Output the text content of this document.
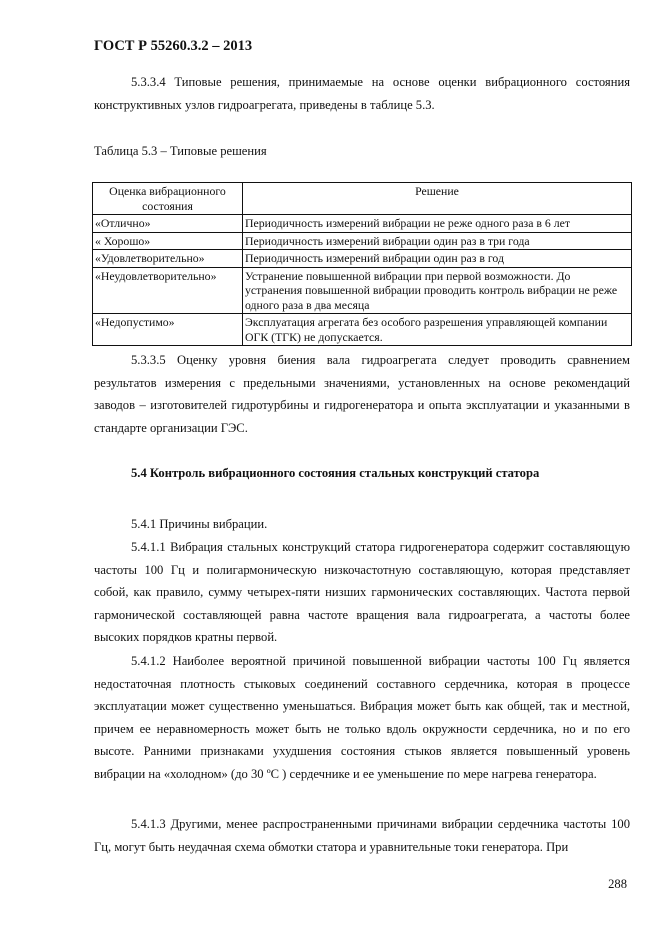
ГОСТ Р 55260.3.2 – 2013
5.3.3.4 Типовые решения, принимаемые на основе оценки вибрационного состояния конструктивных узлов гидроагрегата, приведены в таблице 5.3.
Таблица 5.3 – Типовые решения
Оценка вибрационного состояния	Решение
«Отлично»	Периодичность измерений вибрации не реже одного раза в 6 лет
« Хорошо»	Периодичность измерений вибрации один раз в три года
«Удовлетворительно»	Периодичность измерений вибрации один раз в год
«Неудовлетворительно»	Устранение повышенной вибрации при первой возможности. До устранения повышенной вибрации проводить контроль вибрации не реже одного раза в два месяца
«Недопустимо»	Эксплуатация агрегата без особого разрешения управляющей компании ОГК (ТГК) не допускается.
5.3.3.5 Оценку уровня биения вала гидроагрегата следует проводить сравнением результатов измерения с предельными значениями, установленных на основе рекомендаций заводов – изготовителей гидротурбины и гидрогенератора и опыта эксплуатации и указанными в стандарте организации ГЭС.
5.4 Контроль вибрационного состояния стальных конструкций статора
5.4.1 Причины вибрации.
5.4.1.1 Вибрация стальных конструкций статора гидрогенератора содержит составляющую частоты 100 Гц и полигармоническую низкочастотную составляющую, которая представляет собой, как правило, сумму четырех-пяти низших гармонических составляющих. Частота первой гармонической составляющей равна частоте вращения вала гидроагрегата, а частоты более высоких порядков кратны первой.
5.4.1.2 Наиболее вероятной причиной повышенной вибрации частоты 100 Гц является недостаточная плотность стыковых соединений составного сердечника, которая в процессе эксплуатации может существенно уменьшаться. Вибрация может быть как общей, так и местной, причем ее неравномерность может быть не только вдоль окружности сердечника, но и по его высоте. Ранними признаками ухудшения состояния стыков является повышенный уровень вибрации на «холодном» (до 30 ºС ) сердечнике и ее уменьшение по мере нагрева генератора.
5.4.1.3 Другими, менее распространенными причинами вибрации сердечника частоты 100 Гц, могут быть неудачная схема обмотки статора и уравнительные токи генератора. При
288
